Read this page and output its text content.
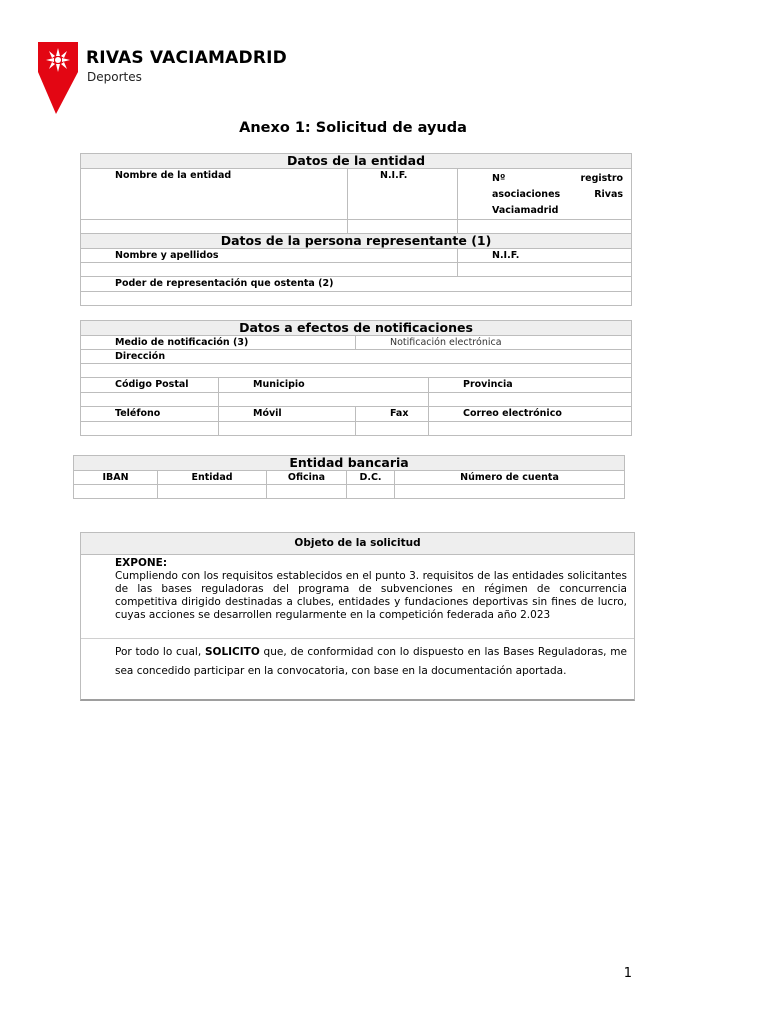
RIVAS VACIAMADRID
Deportes
Anexo 1: Solicitud de ayuda
Datos de la entidad		
Nombre de la entidad	N.I.F.	Nº registro
asociaciones Rivas
Vaciamadrid

Datos de la persona representante (1)		
Nombre y apellidos		N.I.F.

Poder de representación que ostenta (2)		

Datos a efectos de notificaciones			
Medio de notificación (3)		Notificación electrónica	
Dirección			

Código Postal	Municipio		Provincia

Teléfono	Móvil	Fax	Correo electrónico

Entidad bancaria				
IBAN	Entidad	Oficina	D.C.	Número de cuenta

Objeto de la solicitud
EXPONE:
Cumpliendo con los requisitos establecidos en el punto 3. requisitos de las entidades solicitantes de las bases reguladoras del programa de subvenciones en régimen de concurrencia competitiva dirigido destinadas a clubes, entidades y fundaciones deportivas sin fines de lucro, cuyas acciones se desarrollen regularmente en la competición federada año 2.023
Por todo lo cual, SOLICITO que, de conformidad con lo dispuesto en las Bases Reguladoras, me sea concedido participar en la convocatoria, con base en la documentación aportada.
1
